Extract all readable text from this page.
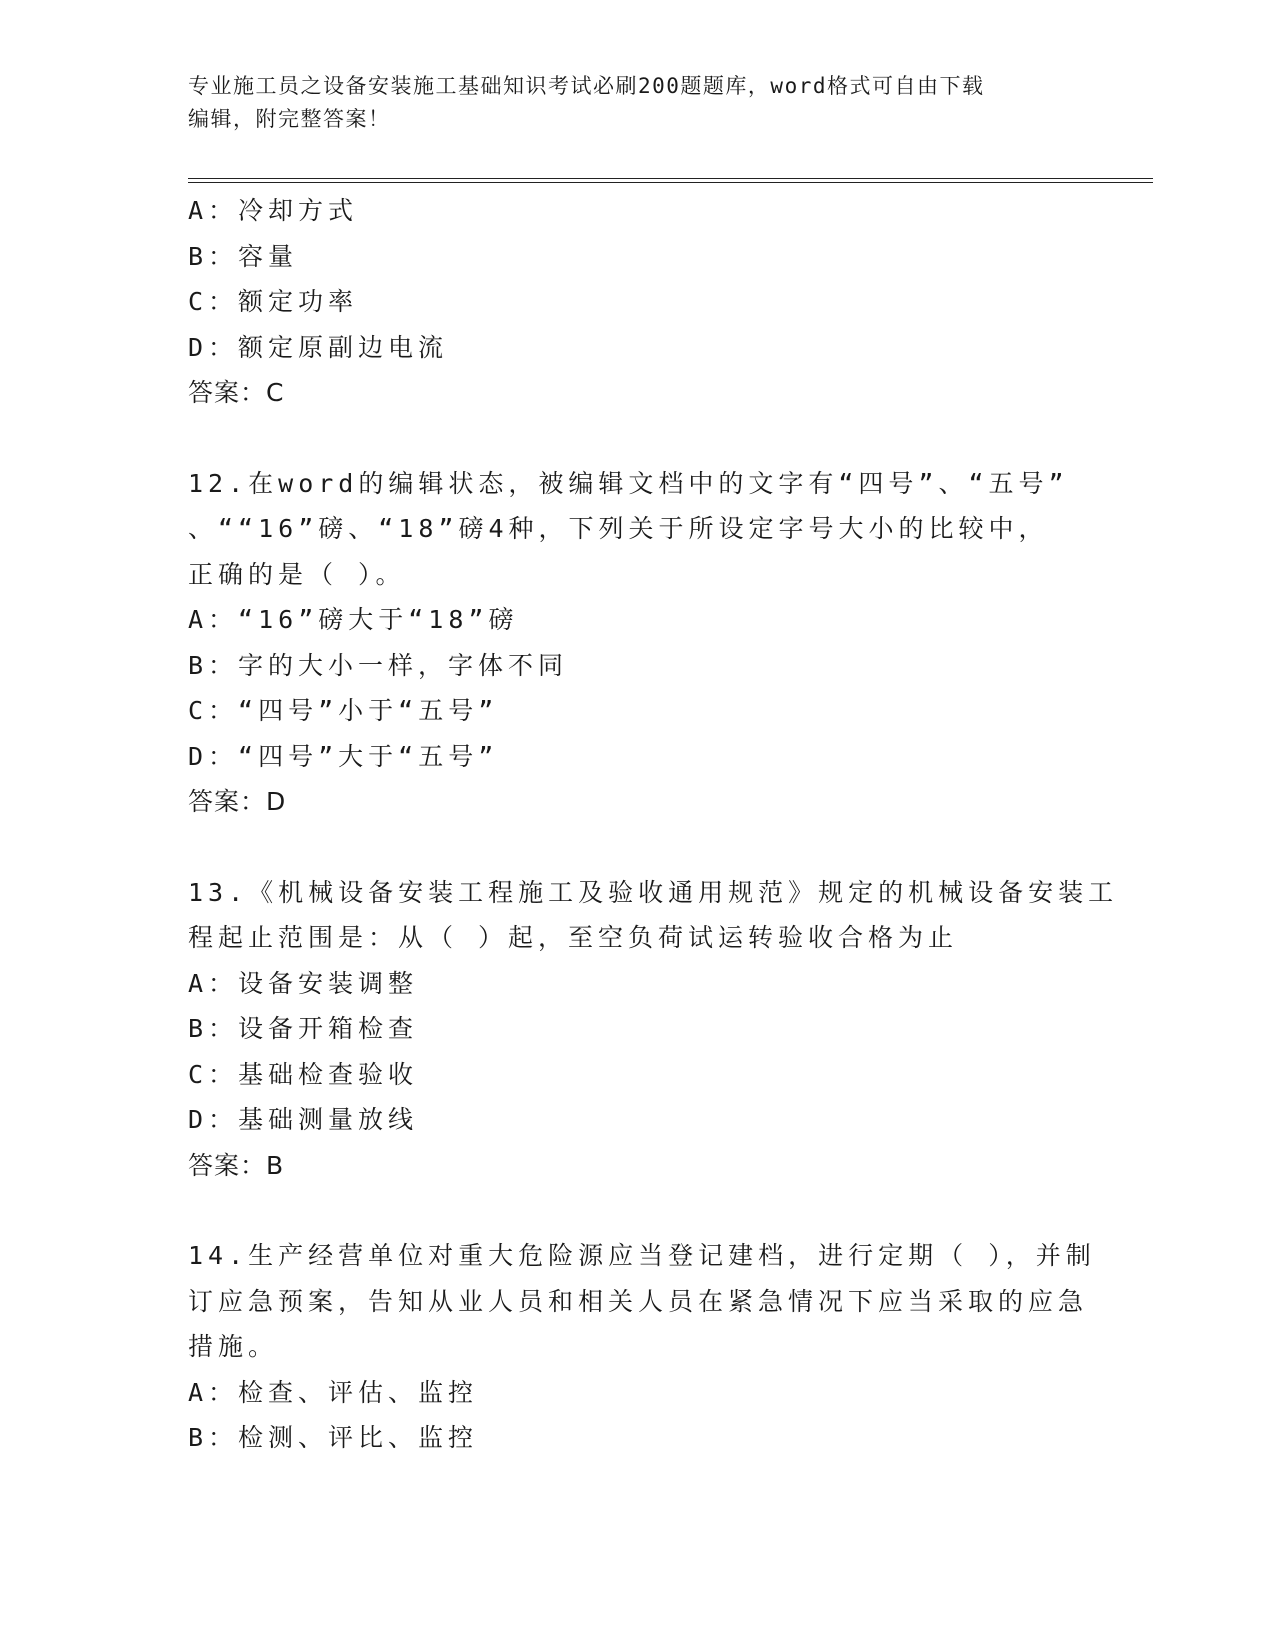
专业施工员之设备安装施工基础知识考试必刷200题题库，word格式可自由下载
编辑，附完整答案！
A：冷却方式
B：容量
C：额定功率
D：额定原副边电流
答案：C
12.在word的编辑状态，被编辑文档中的文字有“四号”、“五号”
、““16”磅、“18”磅4种，下列关于所设定字号大小的比较中，
正确的是（ ）。
A：“16”磅大于“18”磅
B：字的大小一样，字体不同
C：“四号”小于“五号”
D：“四号”大于“五号”
答案：D
13.《机械设备安装工程施工及验收通用规范》规定的机械设备安装工
程起止范围是：从（ ）起，至空负荷试运转验收合格为止
A：设备安装调整
B：设备开箱检查
C：基础检查验收
D：基础测量放线
答案：B
14.生产经营单位对重大危险源应当登记建档，进行定期（ ），并制
订应急预案，告知从业人员和相关人员在紧急情况下应当采取的应急
措施。
A：检查、评估、监控
B：检测、评比、监控
